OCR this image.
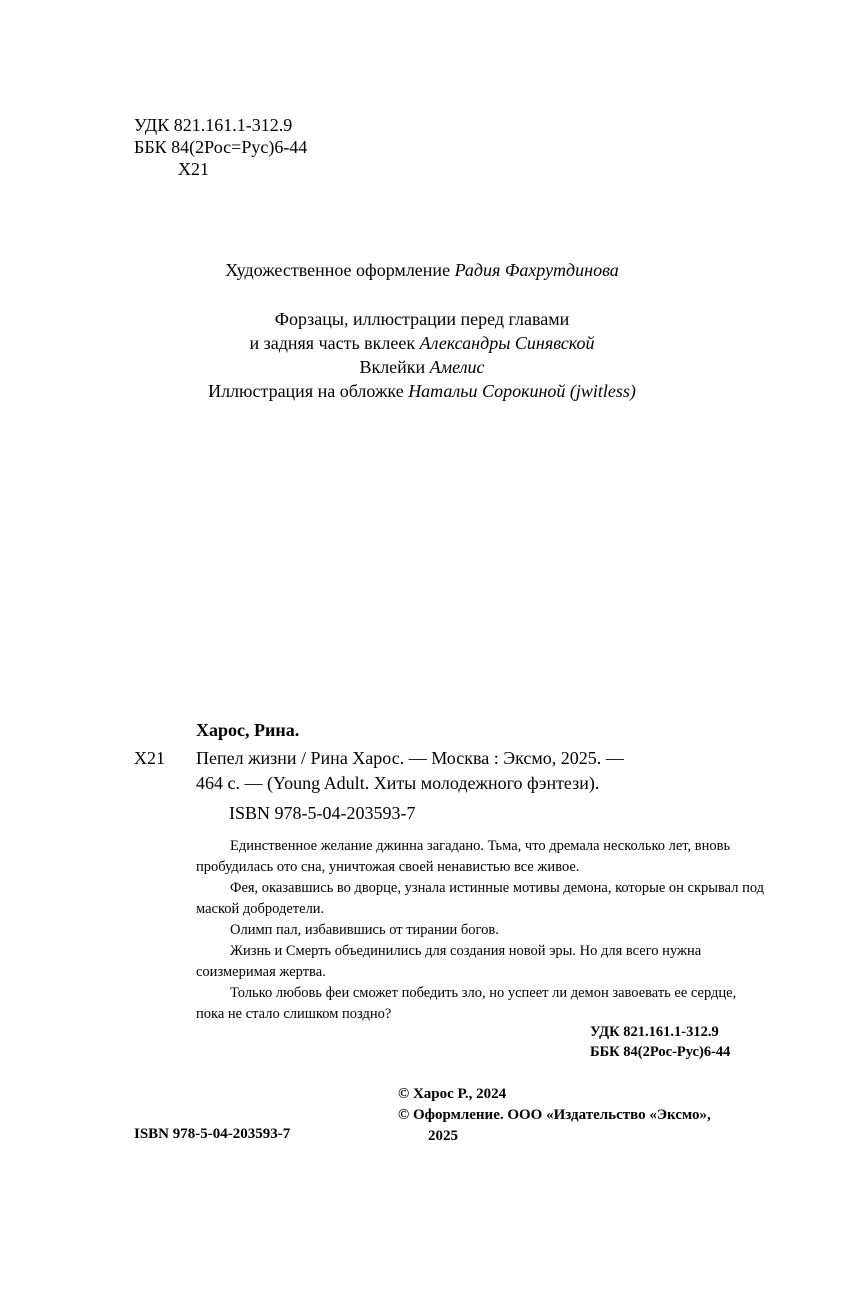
УДК 821.161.1-312.9
ББК 84(2Рос=Рус)6-44
Х21
Художественное оформление Радия Фахрутдинова
Форзацы, иллюстрации перед главами
и задняя часть вклеек Александры Синявской
Вклейки Амелис
Иллюстрация на обложке Натальи Сорокиной (jwitless)
Харос, Рина.
Х21 Пепел жизни / Рина Харос. — Москва : Эксмо, 2025. —
464 с. — (Young Adult. Хиты молодежного фэнтези).
ISBN 978-5-04-203593-7

Единственное желание джинна загадано. Тьма, что дремала несколько лет, вновь пробудилась ото сна, уничтожая своей ненавистью все живое.

Фея, оказавшись во дворце, узнала истинные мотивы демона, которые он скрывал под маской добродетели.

Олимп пал, избавившись от тирании богов.

Жизнь и Смерть объединились для создания новой эры. Но для всего нужна соизмеримая жертва.

Только любовь феи сможет победить зло, но успеет ли демон завоевать ее сердце, пока не стало слишком поздно?

УДК 821.161.1-312.9
ББК 84(2Рос-Рус)6-44
© Харос Р., 2024
© Оформление. ООО «Издательство «Эксмо»,
2025
ISBN 978-5-04-203593-7
